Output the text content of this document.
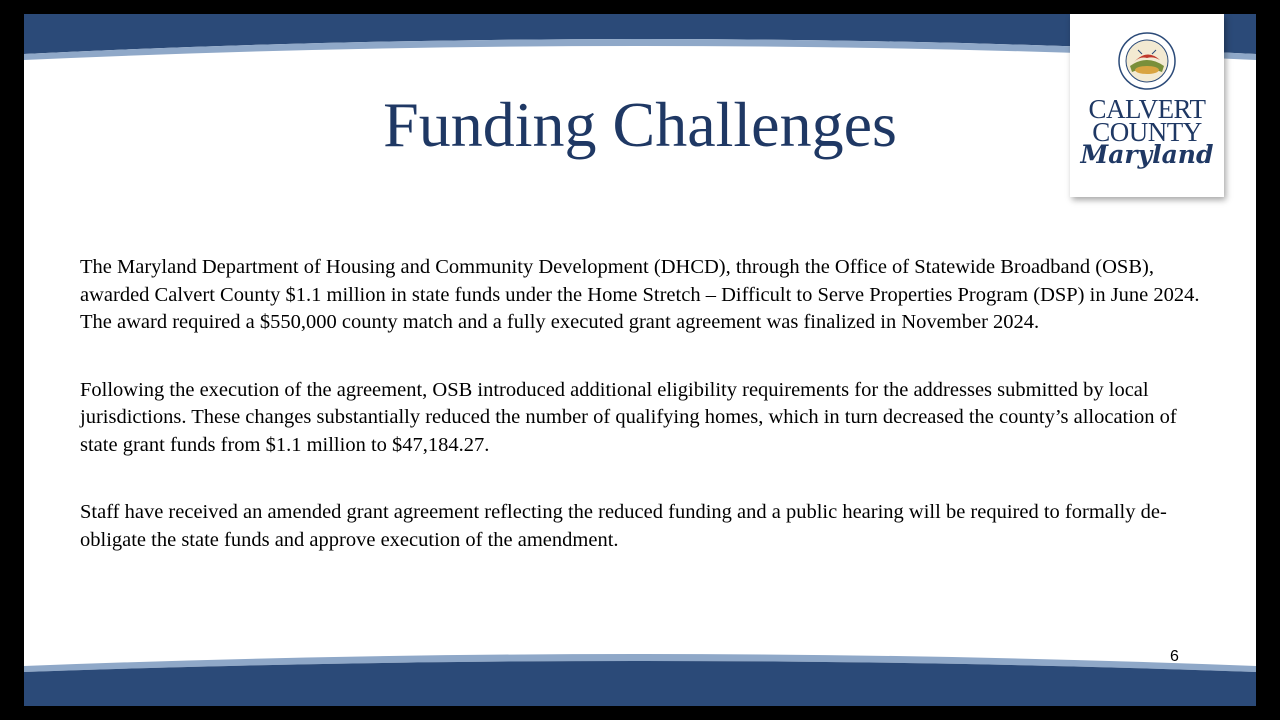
Funding Challenges	CALVERT
COUNTY
Maryland

The Maryland Department of Housing and Community Development (DHCD), through the Office of Statewide Broadband (OSB), awarded Calvert County $1.1 million in state funds under the Home Stretch – Difficult to Serve Properties Program (DSP) in June 2024. The award required a $550,000 county match and a fully executed grant agreement was finalized in November 2024.

Following the execution of the agreement, OSB introduced additional eligibility requirements for the addresses submitted by local jurisdictions. These changes substantially reduced the number of qualifying homes, which in turn decreased the county’s allocation of state grant funds from $1.1 million to $47,184.27.

Staff have received an amended grant agreement reflecting the reduced funding and a public hearing will be required to formally de-obligate the state funds and approve execution of the amendment.

6
